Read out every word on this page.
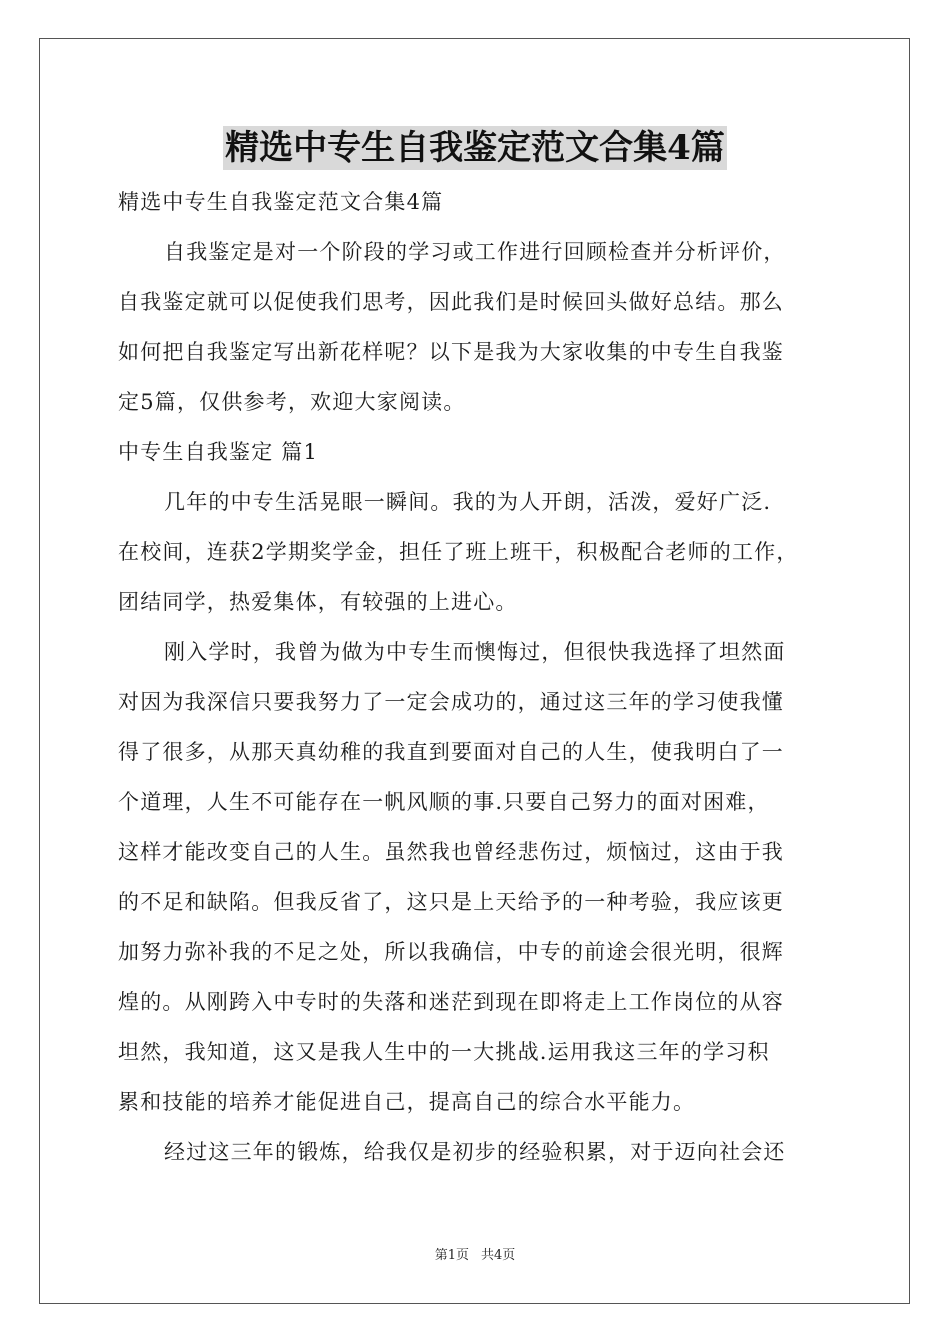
精选中专生自我鉴定范文合集4篇
精选中专生自我鉴定范文合集4篇
自我鉴定是对一个阶段的学习或工作进行回顾检查并分析评价，
自我鉴定就可以促使我们思考，因此我们是时候回头做好总结。那么
如何把自我鉴定写出新花样呢？以下是我为大家收集的中专生自我鉴
定5篇，仅供参考，欢迎大家阅读。
中专生自我鉴定 篇1
几年的中专生活晃眼一瞬间。我的为人开朗，活泼，爱好广泛.
在校间，连获2学期奖学金，担任了班上班干，积极配合老师的工作，
团结同学，热爱集体，有较强的上进心。
刚入学时，我曾为做为中专生而懊悔过，但很快我选择了坦然面
对因为我深信只要我努力了一定会成功的，通过这三年的学习使我懂
得了很多，从那天真幼稚的我直到要面对自己的人生，使我明白了一
个道理，人生不可能存在一帆风顺的事.只要自己努力的面对困难，
这样才能改变自己的人生。虽然我也曾经悲伤过，烦恼过，这由于我
的不足和缺陷。但我反省了，这只是上天给予的一种考验，我应该更
加努力弥补我的不足之处，所以我确信，中专的前途会很光明，很辉
煌的。从刚跨入中专时的失落和迷茫到现在即将走上工作岗位的从容
坦然，我知道，这又是我人生中的一大挑战.运用我这三年的学习积
累和技能的培养才能促进自己，提高自己的综合水平能力。
经过这三年的锻炼，给我仅是初步的经验积累，对于迈向社会还
第1页 共4页
